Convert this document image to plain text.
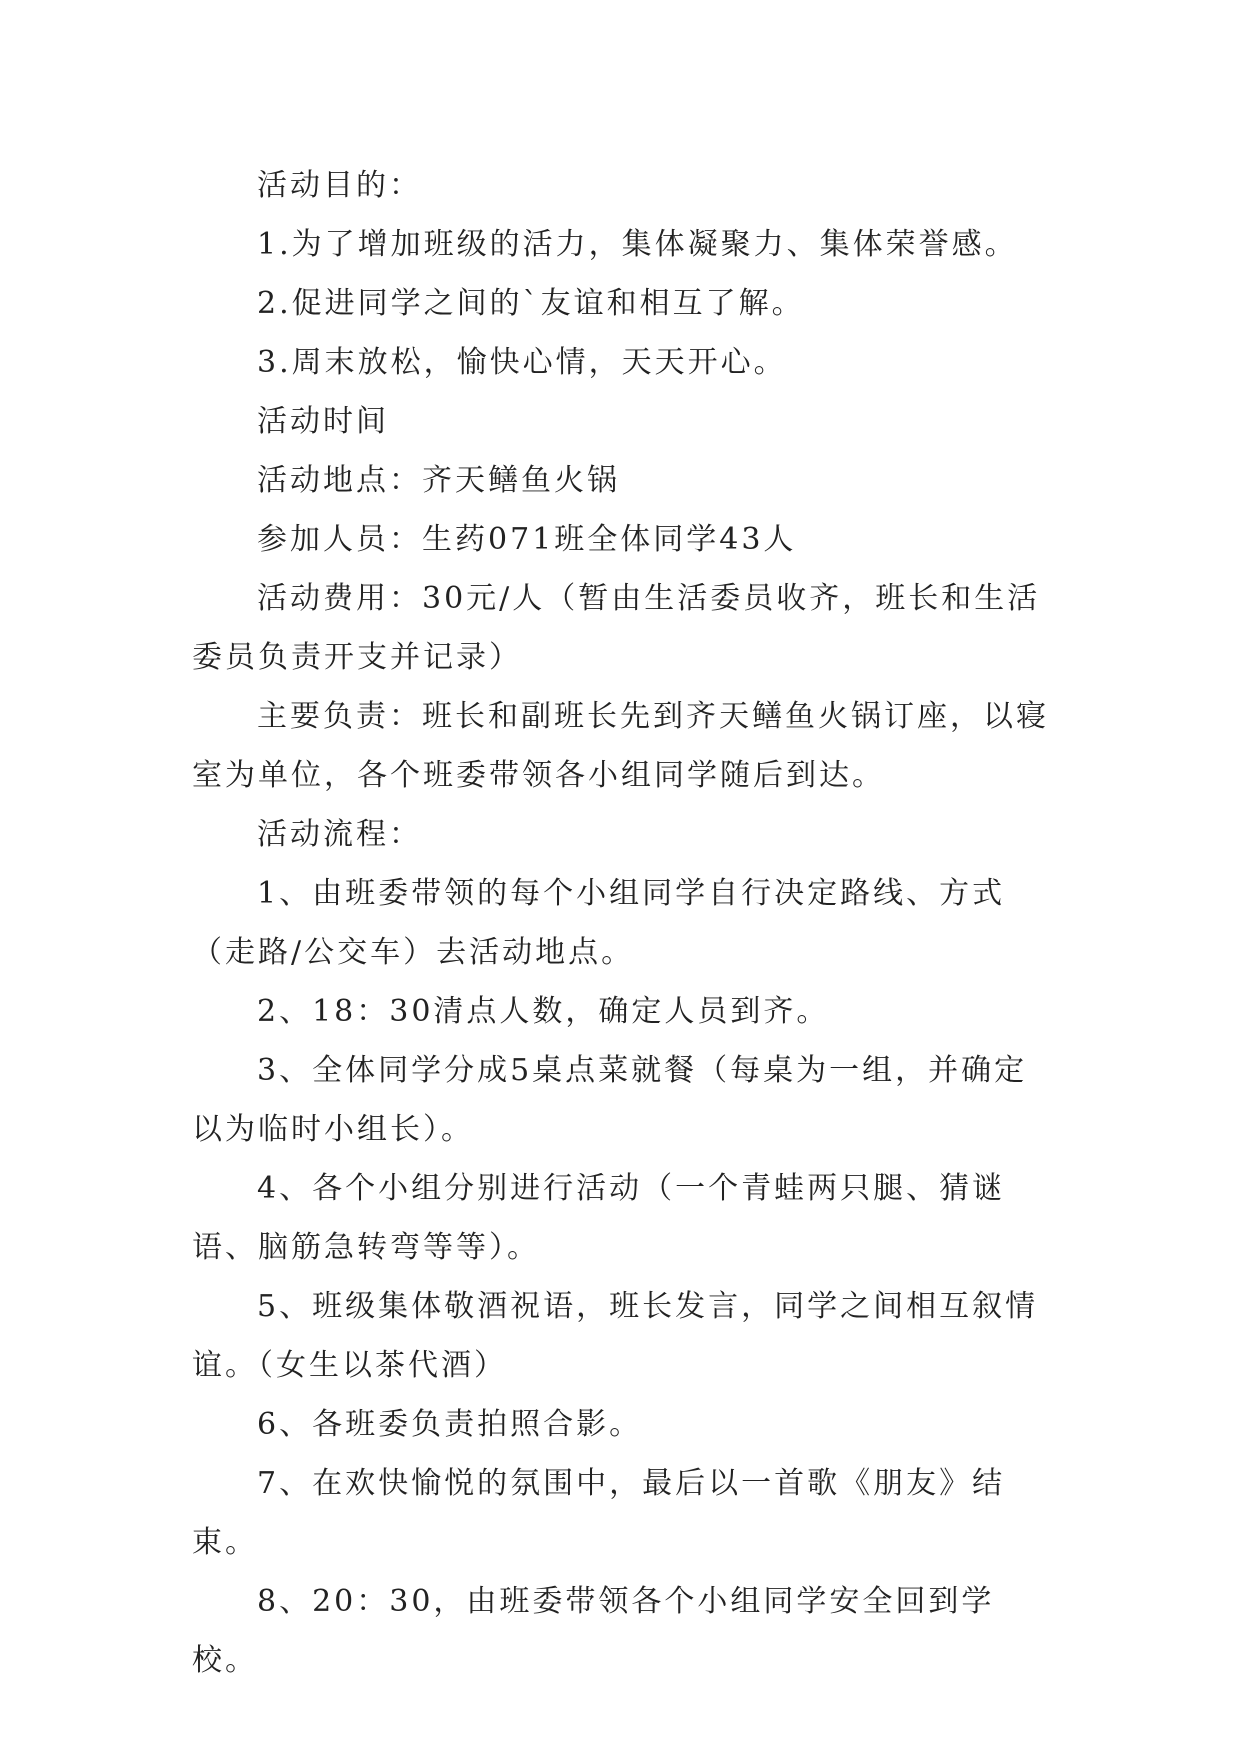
活动目的：

1.为了增加班级的活力，集体凝聚力、集体荣誉感。

2.促进同学之间的`友谊和相互了解。

3.周末放松，愉快心情，天天开心。

活动时间

活动地点：齐天鳝鱼火锅

参加人员：生药071班全体同学43人

活动费用：30元/人（暂由生活委员收齐，班长和生活委员负责开支并记录）

主要负责：班长和副班长先到齐天鳝鱼火锅订座，以寝室为单位，各个班委带领各小组同学随后到达。

活动流程：

1、由班委带领的每个小组同学自行决定路线、方式（走路/公交车）去活动地点。

2、18：30清点人数，确定人员到齐。

3、全体同学分成5桌点菜就餐（每桌为一组，并确定以为临时小组长）。

4、各个小组分别进行活动（一个青蛙两只腿、猜谜语、脑筋急转弯等等）。

5、班级集体敬酒祝语，班长发言，同学之间相互叙情谊。（女生以茶代酒）

6、各班委负责拍照合影。

7、在欢快愉悦的氛围中，最后以一首歌《朋友》结束。

8、20：30，由班委带领各个小组同学安全回到学校。
